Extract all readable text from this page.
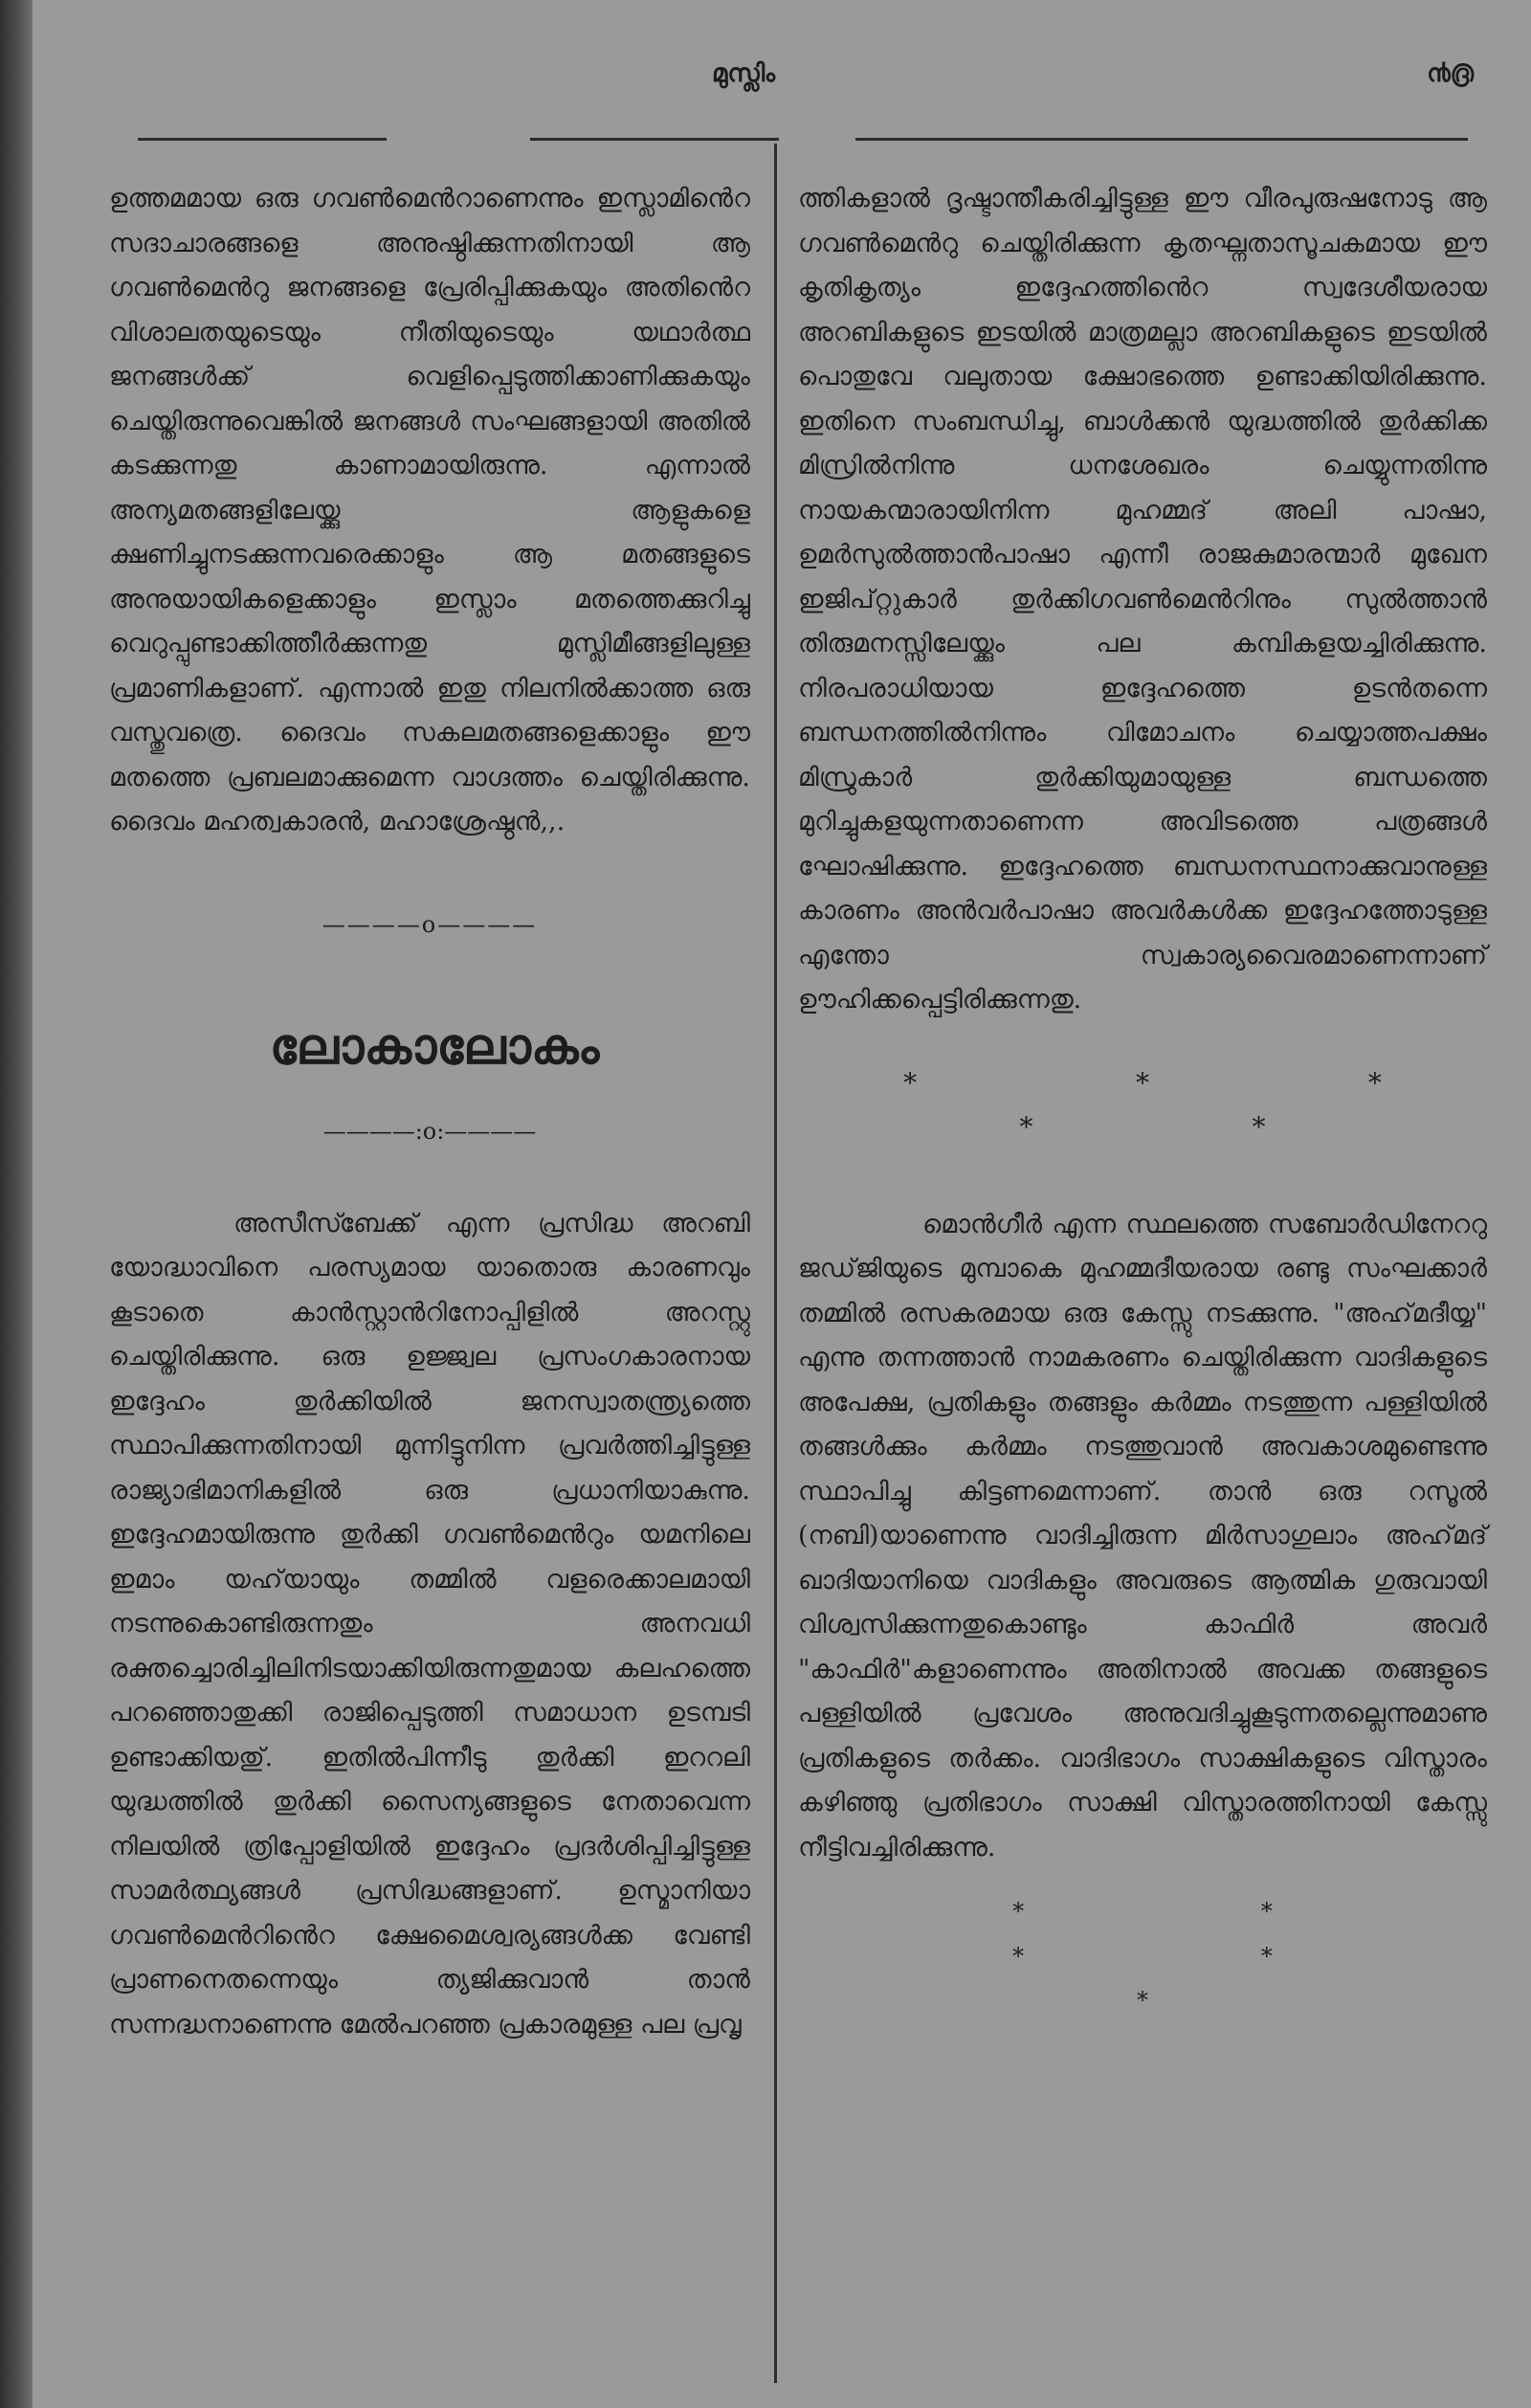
മുസ്ലിം	൯൫

ഉത്തമമായ ഒരു ഗവൺമെൻറാണെന്നും ഇസ്ലാമിൻെറ സദാചാരങ്ങളെ അനുഷ്ഠിക്കുന്നതിനായി ആ ഗവൺമെൻറു ജനങ്ങളെ പ്രേരിപ്പിക്കുകയും അതിൻെറ വിശാലതയുടെയും നീതിയുടെയും യഥാർത്ഥ ജനങ്ങൾക്ക് വെളിപ്പെടുത്തിക്കാണിക്കുകയും ചെയ്തിരുന്നുവെങ്കിൽ ജനങ്ങൾ സംഘങ്ങളായി അതിൽ കടക്കുന്നതു കാണാമായിരുന്നു. എന്നാൽ അന്യമതങ്ങളിലേയ്ക്കു ആളുകളെ ക്ഷണിച്ചുനടക്കുന്നവരെക്കാളും ആ മതങ്ങളുടെ അനുയായികളെക്കാളും ഇസ്ലാം മതത്തെക്കുറിച്ചു വെറുപ്പുണ്ടാക്കിത്തീർക്കുന്നതു മുസ്ലിമീങ്ങളിലുള്ള പ്രമാണികളാണ്. എന്നാൽ ഇതു നിലനിൽക്കാത്ത ഒരു വസ്തുവത്രെ. ദൈവം സകലമതങ്ങളെക്കാളും ഈ മതത്തെ പ്രബലമാക്കുമെന്ന വാഗ്ദത്തം ചെയ്തിരിക്കുന്നു. ദൈവം മഹത്വകാരൻ, മഹാശ്രേഷ്ഠൻ,,.

————o————
ലോകാലോകം
————:o:————

അസീസ്ബേക്ക് എന്ന പ്രസിദ്ധ അറബി യോദ്ധാവിനെ പരസ്യമായ യാതൊരു കാരണവും കൂടാതെ കാൻസ്റ്റാൻറിനോപ്പിളിൽ അറസ്റ്റു ചെയ്തിരിക്കുന്നു. ഒരു ഉജ്ജ്വല പ്രസംഗകാരനായ ഇദ്ദേഹം തുർക്കിയിൽ ജനസ്വാതന്ത്ര്യത്തെ സ്ഥാപിക്കുന്നതിനായി മുന്നിട്ടുനിന്ന പ്രവർത്തിച്ചിട്ടുള്ള രാജ്യാഭിമാനികളിൽ ഒരു പ്രധാനിയാകുന്നു. ഇദ്ദേഹമായിരുന്നു തുർക്കി ഗവൺമെൻറും യമനിലെ ഇമാം യഹ്‌യായും തമ്മിൽ വളരെക്കാലമായി നടന്നുകൊണ്ടിരുന്നതും അനവധി രക്തച്ചൊരിച്ചിലിനിടയാക്കിയിരുന്നതുമായ കലഹത്തെ പറഞ്ഞൊതുക്കി രാജിപ്പെടുത്തി സമാധാന ഉടമ്പടി ഉണ്ടാക്കിയതു്. ഇതിൽപിന്നീടു തുർക്കി ഇററലി യുദ്ധത്തിൽ തുർക്കി സൈന്യങ്ങളുടെ നേതാവെന്ന നിലയിൽ ത്രിപ്പോളിയിൽ ഇദ്ദേഹം പ്രദർശിപ്പിച്ചിട്ടുള്ള സാമർത്ഥ്യങ്ങൾ പ്രസിദ്ധങ്ങളാണ്. ഉസ്മാനിയാ ഗവൺമെൻറിൻെറ ക്ഷേമൈശ്വര്യങ്ങൾക്ക വേണ്ടി പ്രാണനെതന്നെയും ത്യജിക്കുവാൻ താൻ സന്നദ്ധനാണെന്നു മേൽപറഞ്ഞ പ്രകാരമുള്ള പല പ്രവൃ

ത്തികളാൽ ദൃഷ്ടാന്തീകരിച്ചിട്ടുള്ള ഈ വീരപുരുഷനോടു ആ ഗവൺമെൻറു ചെയ്തിരിക്കുന്ന കൃതഘ്നതാസൂചകമായ ഈ കൃതികൃത്യം ഇദ്ദേഹത്തിൻെറ സ്വദേശീയരായ അറബികളുടെ ഇടയിൽ മാത്രമല്ലാ അറബികളുടെ ഇടയിൽ പൊതുവേ വലുതായ ക്ഷോഭത്തെ ഉണ്ടാക്കിയിരിക്കുന്നു. ഇതിനെ സംബന്ധിച്ചു, ബാൾക്കൻ യുദ്ധത്തിൽ തുർക്കിക്ക മിസ്രിൽനിന്നു ധനശേഖരം ചെയ്യുന്നതിന്നു നായകന്മാരായിനിന്ന മുഹമ്മദ് അലി പാഷാ, ഉമർസുൽത്താൻപാഷാ എന്നീ രാജകുമാരന്മാർ മുഖേന ഇജിപ്‌റ്റുകാർ തുർക്കിഗവൺമെൻറിനും സുൽത്താൻ തിരുമനസ്സിലേയ്ക്കും പല കമ്പികളയച്ചിരിക്കുന്നു. നിരപരാധിയായ ഇദ്ദേഹത്തെ ഉടൻതന്നെ ബന്ധനത്തിൽനിന്നും വിമോചനം ചെയ്യാത്തപക്ഷം മിസ്രുകാർ തുർക്കിയുമായുള്ള ബന്ധത്തെ മുറിച്ചുകളയുന്നതാണെന്ന അവിടത്തെ പത്രങ്ങൾ ഘോഷിക്കുന്നു. ഇദ്ദേഹത്തെ ബന്ധനസ്ഥനാക്കുവാനുള്ള കാരണം അൻവർപാഷാ അവർകൾക്ക ഇദ്ദേഹത്തോടുള്ള എന്തോ സ്വകാര്യവൈരമാണെന്നാണ് ഊഹിക്കപ്പെട്ടിരിക്കുന്നതു.

* * * * *

മൊൻഗീർ എന്ന സ്ഥലത്തെ സബോർഡിനേററു ജഡ്‌ജിയുടെ മുമ്പാകെ മുഹമ്മദീയരായ രണ്ടു സംഘക്കാർ തമ്മിൽ രസകരമായ ഒരു കേസ്സു നടക്കുന്നു. "അഹ്‌മദീയ്യ" എന്നു തന്നത്താൻ നാമകരണം ചെയ്തിരിക്കുന്ന വാദികളുടെ അപേക്ഷ, പ്രതികളും തങ്ങളും കർമ്മം നടത്തുന്ന പള്ളിയിൽ തങ്ങൾക്കും കർമ്മം നടത്തുവാൻ അവകാശമുണ്ടെന്നു സ്ഥാപിച്ചു കിട്ടണമെന്നാണ്. താൻ ഒരു റസൂൽ (നബി)യാണെന്നു വാദിച്ചിരുന്ന മിർസാഗുലാം അഹ്‌മദ് ഖാദിയാനിയെ വാദികളും അവരുടെ ആത്മിക ഗുരുവായി വിശ്വസിക്കുന്നതുകൊണ്ടും കാഫിർ അവർ "കാഫിർ"കളാണെന്നും അതിനാൽ അവക്ക തങ്ങളുടെ പള്ളിയിൽ പ്രവേശം അനുവദിച്ചുകൂടുന്നതല്ലെന്നുമാണു പ്രതികളുടെ തർക്കം. വാദിഭാഗം സാക്ഷികളുടെ വിസ്താരം കഴിഞ്ഞു പ്രതിഭാഗം സാക്ഷി വിസ്താരത്തിനായി കേസ്സു നീട്ടിവച്ചിരിക്കുന്നു.

* * * * *
